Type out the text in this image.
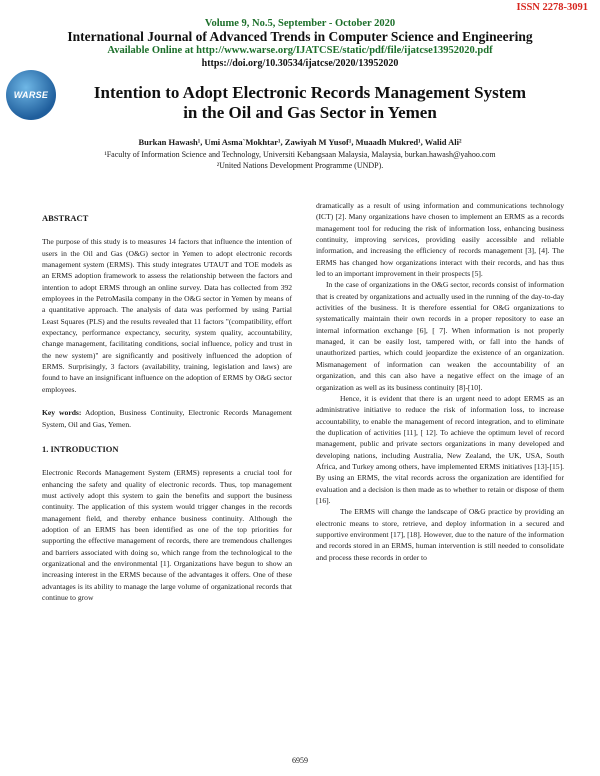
ISSN 2278-3091
Volume 9, No.5, September - October 2020
International Journal of Advanced Trends in Computer Science and Engineering
Available Online at http://www.warse.org/IJATCSE/static/pdf/file/ijatcse13952020.pdf
https://doi.org/10.30534/ijatcse/2020/13952020
WARSE	Intention to Adopt Electronic Records Management System
in the Oil and Gas Sector in Yemen
Burkan Hawash¹, Umi Asma`Mokhtar¹, Zawiyah M Yusof¹, Muaadh Mukred¹, Walid Ali²
¹Faculty of Information Science and Technology, Universiti Kebangsaan Malaysia, Malaysia, burkan.hawash@yahoo.com
²United Nations Development Programme (UNDP).

ABSTRACT

The purpose of this study is to measures 14 factors that influence the intention of users in the Oil and Gas (O&G) sector in Yemen to adopt electronic records management system (ERMS). This study integrates UTAUT and TOE models as an ERMS adoption framework to assess the relationship between the factors and intention to adopt ERMS through an online survey. Data has collected from 392 employees in the PetroMasila company in the O&G sector in Yemen by means of a quantitative approach. The analysis of data was performed by using Partial Least Squares (PLS) and the results revealed that 11 factors "(compatibility, effort expectancy, performance expectancy, security, system quality, accountability, change management, facilitating conditions, social influence, policy and trust in the new system)" are significantly and positively influenced the adoption of ERMS. Surprisingly, 3 factors (availability, training, legislation and laws) are found to have an insignificant influence on the adoption of ERMS by O&G sector employees.

Key words: Adoption, Business Continuity, Electronic Records Management System, Oil and Gas, Yemen.

1. INTRODUCTION

Electronic Records Management System (ERMS) represents a crucial tool for enhancing the safety and quality of electronic records. Thus, top management must actively adopt this system to gain the benefits and support the business continuity. The application of this system would trigger changes in the records management field, and thereby enhance business continuity. Although the adoption of an ERMS has been identified as one of the top priorities for supporting the effective management of records, there are tremendous challenges and barriers associated with doing so, which range from the technological to the organizational and the environmental [1]. Organizations have begun to show an increasing interest in the ERMS because of the advantages it offers. One of these advantages is its ability to manage the large volume of organizational records that continue to grow

dramatically as a result of using information and communications technology (ICT) [2]. Many organizations have chosen to implement an ERMS as a records management tool for reducing the risk of information loss, enhancing business continuity, improving services, providing easily accessible and reliable information, and increasing the efficiency of records management [3], [4]. The ERMS has changed how organizations interact with their records, and has thus led to an important improvement in their prospects [5].

In the case of organizations in the O&G sector, records consist of information that is created by organizations and actually used in the running of the day-to-day activities of the business. It is therefore essential for O&G organizations to systematically maintain their own records in a proper repository to ease an internal information exchange [6], [ 7]. When information is not properly managed, it can be easily lost, tampered with, or fall into the hands of unauthorized parties, which could jeopardize the existence of an organization. Mismanagement of information can weaken the accountability of an organization, and this can also have a negative effect on the image of an organization as well as its business continuity [8]-[10].

Hence, it is evident that there is an urgent need to adopt ERMS as an administrative initiative to reduce the risk of information loss, to increase accountability, to enable the management of record integration, and to eliminate the duplication of activities [11], [ 12]. To achieve the optimum level of record management, public and private sectors organizations in many developed and developing nations, including Australia, New Zealand, the UK, USA, South Africa, and Turkey among others, have implemented ERMS initiatives [13]-[15]. By using an ERMS, the vital records across the organization are identified for evaluation and a decision is then made as to whether to retain or dispose of them [16].

The ERMS will change the landscape of O&G practice by providing an electronic means to store, retrieve, and deploy information in a secured and supportive environment [17], [18]. However, due to the nature of the information and records stored in an ERMS, human intervention is still needed to consolidate and process these records in order to

6959
